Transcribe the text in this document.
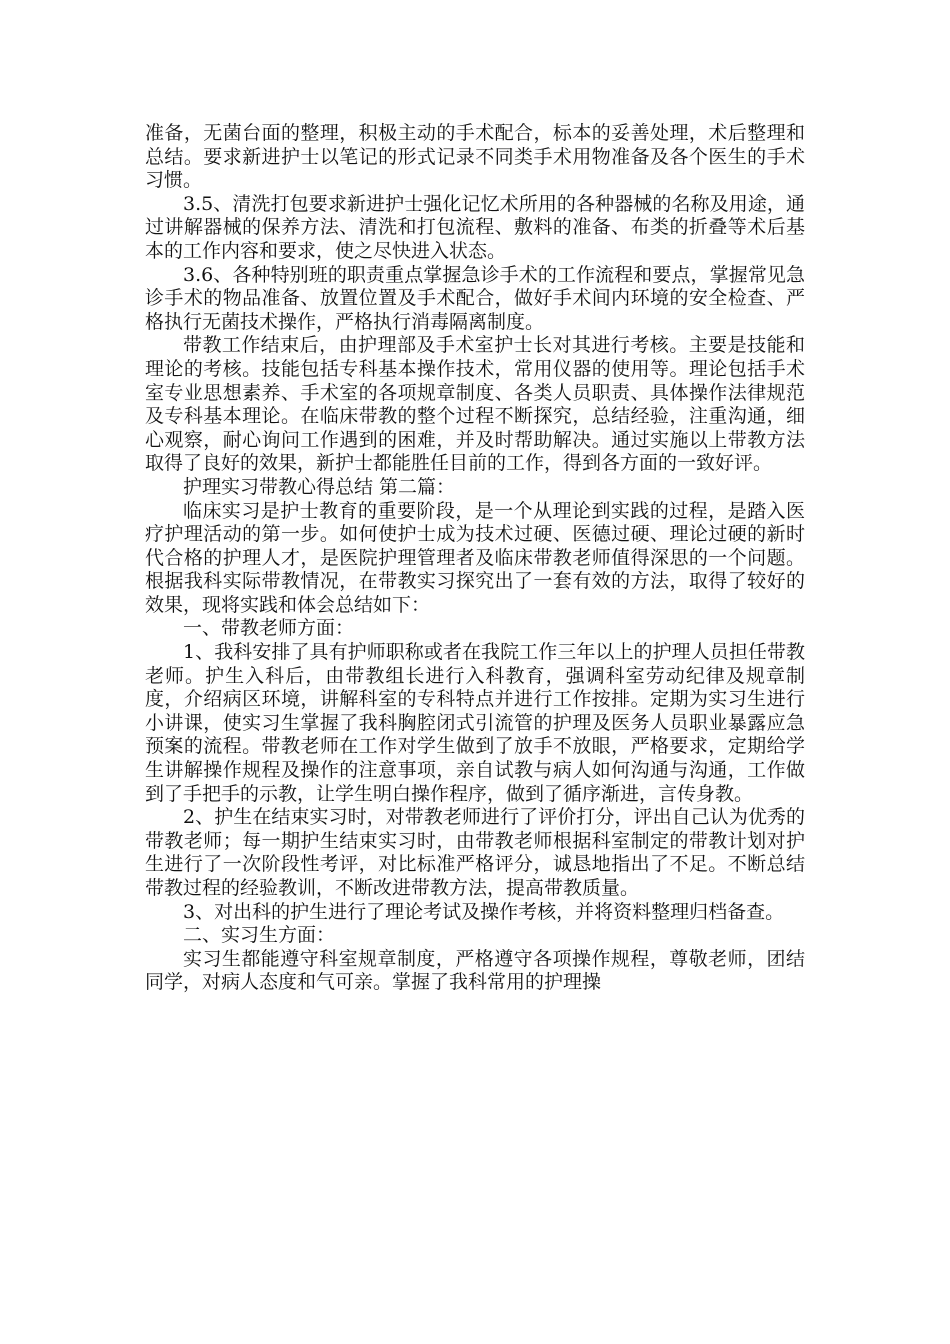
准备，无菌台面的整理，积极主动的手术配合，标本的妥善处理，术后整理和总结。要求新进护士以笔记的形式记录不同类手术用物准备及各个医生的手术习惯。

3.5、清洗打包要求新进护士强化记忆术所用的各种器械的名称及用途，通过讲解器械的保养方法、清洗和打包流程、敷料的准备、布类的折叠等术后基本的工作内容和要求，使之尽快进入状态。

3.6、各种特别班的职责重点掌握急诊手术的工作流程和要点，掌握常见急诊手术的物品准备、放置位置及手术配合，做好手术间内环境的安全检查、严格执行无菌技术操作，严格执行消毒隔离制度。

带教工作结束后，由护理部及手术室护士长对其进行考核。主要是技能和理论的考核。技能包括专科基本操作技术，常用仪器的使用等。理论包括手术室专业思想素养、手术室的各项规章制度、各类人员职责、具体操作法律规范及专科基本理论。在临床带教的整个过程不断探究，总结经验，注重沟通，细心观察，耐心询问工作遇到的困难，并及时帮助解决。通过实施以上带教方法取得了良好的效果，新护士都能胜任目前的工作，得到各方面的一致好评。

护理实习带教心得总结 第二篇：

临床实习是护士教育的重要阶段，是一个从理论到实践的过程，是踏入医疗护理活动的第一步。如何使护士成为技术过硬、医德过硬、理论过硬的新时代合格的护理人才，是医院护理管理者及临床带教老师值得深思的一个问题。根据我科实际带教情况，在带教实习探究出了一套有效的方法，取得了较好的效果，现将实践和体会总结如下：

一、带教老师方面：

1、我科安排了具有护师职称或者在我院工作三年以上的护理人员担任带教老师。护生入科后，由带教组长进行入科教育，强调科室劳动纪律及规章制度，介绍病区环境，讲解科室的专科特点并进行工作按排。定期为实习生进行小讲课，使实习生掌握了我科胸腔闭式引流管的护理及医务人员职业暴露应急预案的流程。带教老师在工作对学生做到了放手不放眼，严格要求，定期给学生讲解操作规程及操作的注意事项，亲自试教与病人如何沟通与沟通，工作做到了手把手的示教，让学生明白操作程序，做到了循序渐进，言传身教。

2、护生在结束实习时，对带教老师进行了评价打分，评出自己认为优秀的带教老师；每一期护生结束实习时，由带教老师根据科室制定的带教计划对护生进行了一次阶段性考评，对比标准严格评分，诚恳地指出了不足。不断总结带教过程的经验教训，不断改进带教方法，提高带教质量。

3、对出科的护生进行了理论考试及操作考核，并将资料整理归档备查。

二、实习生方面：

实习生都能遵守科室规章制度，严格遵守各项操作规程，尊敬老师，团结同学，对病人态度和气可亲。掌握了我科常用的护理操
